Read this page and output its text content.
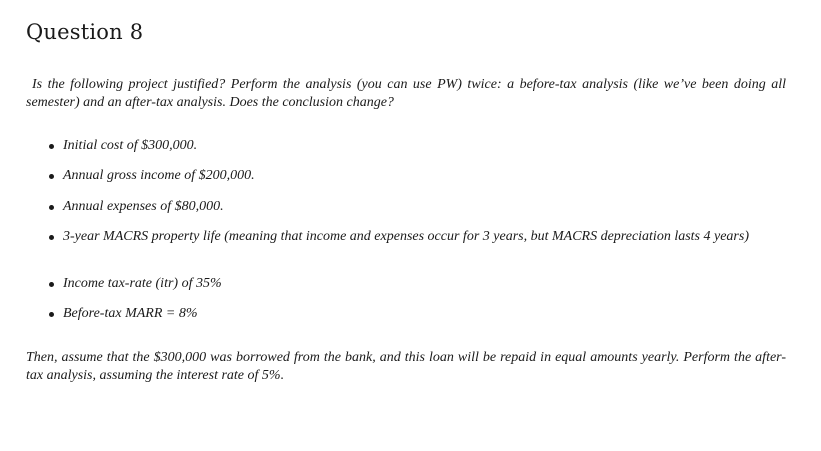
Question 8

Is the following project justified? Perform the analysis (you can use PW) twice: a before-tax analysis (like we’ve been doing all semester) and an after-tax analysis. Does the conclusion change?

Initial cost of $300,000.
Annual gross income of $200,000.
Annual expenses of $80,000.
3-year MACRS property life (meaning that income and expenses occur for 3 years, but MACRS depreciation lasts 4 years)
Income tax-rate (itr) of 35%
Before-tax MARR = 8%

Then, assume that the $300,000 was borrowed from the bank, and this loan will be repaid in equal amounts yearly. Perform the after-tax analysis, assuming the interest rate of 5%.
